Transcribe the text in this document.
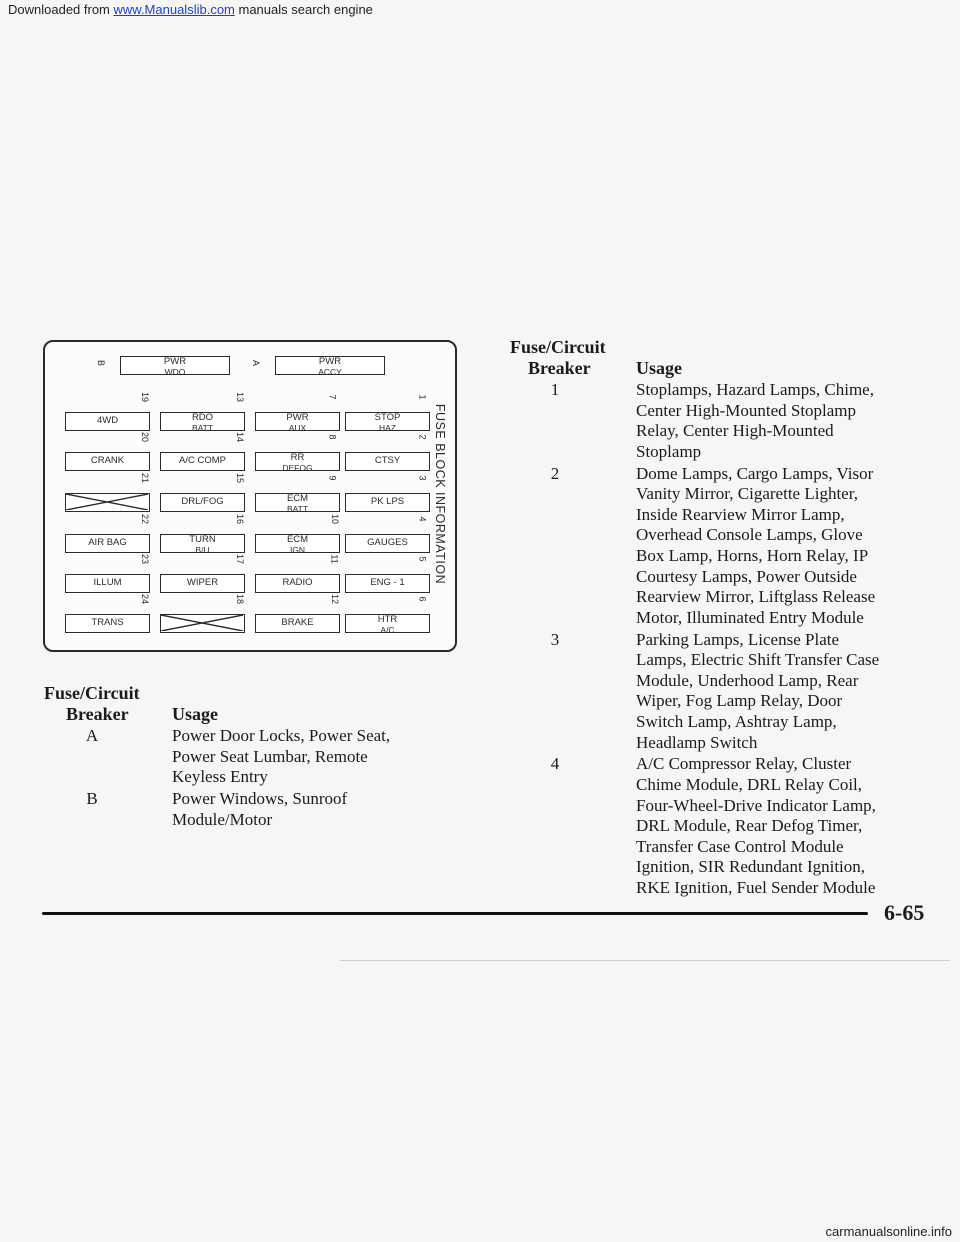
Downloaded from www.Manualslib.com manuals search engine
FUSE BLOCK INFORMATION
PWR
WDO
B	PWR
ACCY
A
4WD
19
RDO
BATT
13
PWR
AUX
7
STOP
HAZ
1
CRANK
20
A/C COMP
14
RR
DEFOG
8
CTSY
2
21
DRL/FOG
15
ECM
BATT
9
PK LPS
3
AIR BAG
22
TURN
B/U
16
ECM
IGN
10
GAUGES
4
ILLUM
23
WIPER
17
RADIO
11
ENG - 1
5
TRANS
24	18
BRAKE
12
HTR
A/C
6
Fuse/Circuit
Breaker Usage
A	Power Door Locks, Power Seat,
Power Seat Lumbar, Remote
Keyless Entry
B	Power Windows, Sunroof
Module/Motor
Fuse/Circuit
Breaker	Usage
1	Stoplamps, Hazard Lamps, Chime,
Center High-Mounted Stoplamp
Relay, Center High-Mounted
Stoplamp
2	Dome Lamps, Cargo Lamps, Visor
Vanity Mirror, Cigarette Lighter,
Inside Rearview Mirror Lamp,
Overhead Console Lamps, Glove
Box Lamp, Horns, Horn Relay, IP
Courtesy Lamps, Power Outside
Rearview Mirror, Liftglass Release
Motor, Illuminated Entry Module
3	Parking Lamps, License Plate
Lamps, Electric Shift Transfer Case
Module, Underhood Lamp, Rear
Wiper, Fog Lamp Relay, Door
Switch Lamp, Ashtray Lamp,
Headlamp Switch
4	A/C Compressor Relay, Cluster
Chime Module, DRL Relay Coil,
Four-Wheel-Drive Indicator Lamp,
DRL Module, Rear Defog Timer,
Transfer Case Control Module
Ignition, SIR Redundant Ignition,
RKE Ignition, Fuel Sender Module
6-65
carmanualsonline.info
